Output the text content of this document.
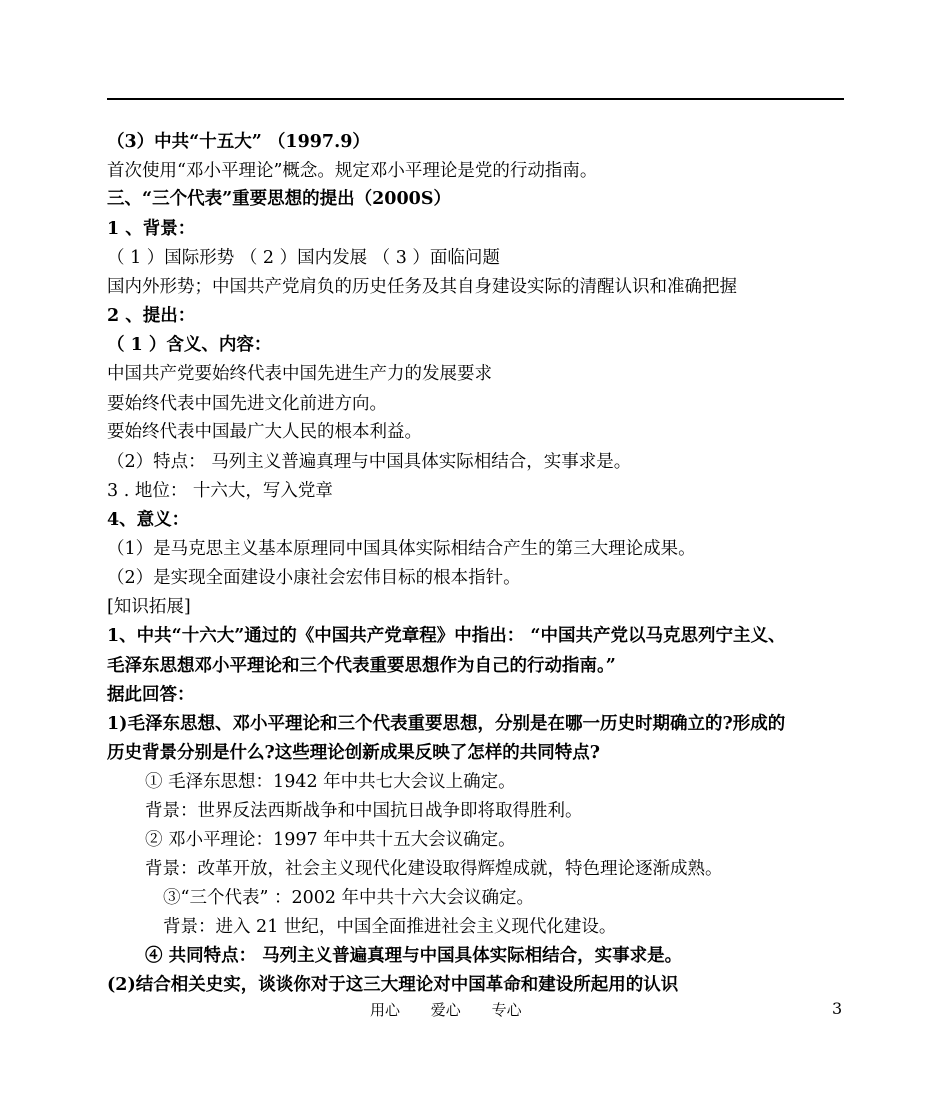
（3）中共“十五大” （1997.9）
首次使用“邓小平理论”概念。规定邓小平理论是党的行动指南。
三、“三个代表”重要思想的提出（2000S）
1 、背景：
（ 1 ）国际形势 （ 2 ）国内发展 （ 3 ）面临问题
国内外形势；中国共产党肩负的历史任务及其自身建设实际的清醒认识和准确把握
2 、提出：
（ 1 ）含义、内容：
中国共产党要始终代表中国先进生产力的发展要求
要始终代表中国先进文化前进方向。
要始终代表中国最广大人民的根本利益。
（2）特点： 马列主义普遍真理与中国具体实际相结合，实事求是。
3 . 地位： 十六大，写入党章
4、意义：
（1）是马克思主义基本原理同中国具体实际相结合产生的第三大理论成果。
（2）是实现全面建设小康社会宏伟目标的根本指针。
[知识拓展]
1、中共“十六大”通过的《中国共产党章程》中指出： “中国共产党以马克思列宁主义、
毛泽东思想邓小平理论和三个代表重要思想作为自己的行动指南。”
据此回答：
1)毛泽东思想、邓小平理论和三个代表重要思想，分别是在哪一历史时期确立的?形成的
历史背景分别是什么?这些理论创新成果反映了怎样的共同特点?
① 毛泽东思想：1942 年中共七大会议上确定。
背景：世界反法西斯战争和中国抗日战争即将取得胜利。
② 邓小平理论：1997 年中共十五大会议确定。
背景：改革开放，社会主义现代化建设取得辉煌成就，特色理论逐渐成熟。
③“三个代表” ：2002 年中共十六大会议确定。
背景：进入 21 世纪，中国全面推进社会主义现代化建设。
④ 共同特点： 马列主义普遍真理与中国具体实际相结合，实事求是。
(2)结合相关史实，谈谈你对于这三大理论对中国革命和建设所起用的认识
用心 爱心 专心	3
